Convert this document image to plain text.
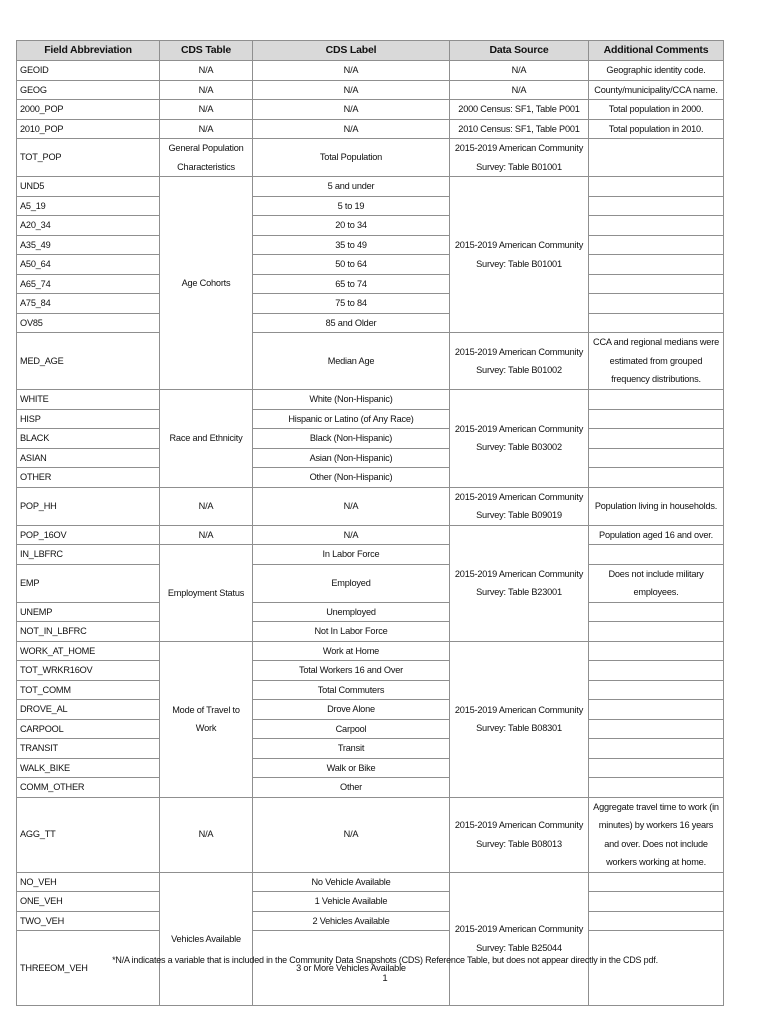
Field Abbreviation	CDS Table	CDS Label	Data Source	Additional Comments
GEOID	N/A	N/A	N/A	Geographic identity code.
GEOG	N/A	N/A	N/A	County/municipality/CCA name.
2000_POP	N/A	N/A	2000 Census: SF1, Table P001	Total population in 2000.
2010_POP	N/A	N/A	2010 Census: SF1, Table P001	Total population in 2010.
TOT_POP	General Population Characteristics	Total Population	2015-2019 American Community Survey: Table B01001	
UND5	Age Cohorts	5 and under	2015-2019 American Community Survey: Table B01001	
A5_19		5 to 19		
A20_34		20 to 34		
A35_49		35 to 49		
A50_64		50 to 64		
A65_74		65 to 74		
A75_84		75 to 84		
OV85		85 and Older		
MED_AGE		Median Age	2015-2019 American Community Survey: Table B01002	CCA and regional medians were estimated from grouped frequency distributions.
WHITE	Race and Ethnicity	White (Non-Hispanic)	2015-2019 American Community Survey: Table B03002	
HISP		Hispanic or Latino (of Any Race)		
BLACK		Black (Non-Hispanic)		
ASIAN		Asian (Non-Hispanic)		
OTHER		Other (Non-Hispanic)		
POP_HH	N/A	N/A	2015-2019 American Community Survey: Table B09019	Population living in households.
POP_16OV	N/A	N/A	2015-2019 American Community Survey: Table B23001	Population aged 16 and over.
IN_LBFRC	Employment Status	In Labor Force		
EMP		Employed		Does not include military employees.
UNEMP		Unemployed		
NOT_IN_LBFRC		Not In Labor Force		
WORK_AT_HOME	Mode of Travel to Work	Work at Home	2015-2019 American Community Survey: Table B08301	
TOT_WRKR16OV		Total Workers 16 and Over		
TOT_COMM		Total Commuters		
DROVE_AL		Drove Alone		
CARPOOL		Carpool		
TRANSIT		Transit		
WALK_BIKE		Walk or Bike		
COMM_OTHER		Other		
AGG_TT	N/A	N/A	2015-2019 American Community Survey: Table B08013	Aggregate travel time to work (in minutes) by workers 16 years and over. Does not include workers working at home.
NO_VEH	Vehicles Available	No Vehicle Available	2015-2019 American Community Survey: Table B25044	
ONE_VEH		1 Vehicle Available		
TWO_VEH		2 Vehicles Available		
THREEOM_VEH		3 or More Vehicles Available		
*N/A indicates a variable that is included in the Community Data Snapshots (CDS) Reference Table, but does not appear directly in the CDS pdf.
1
